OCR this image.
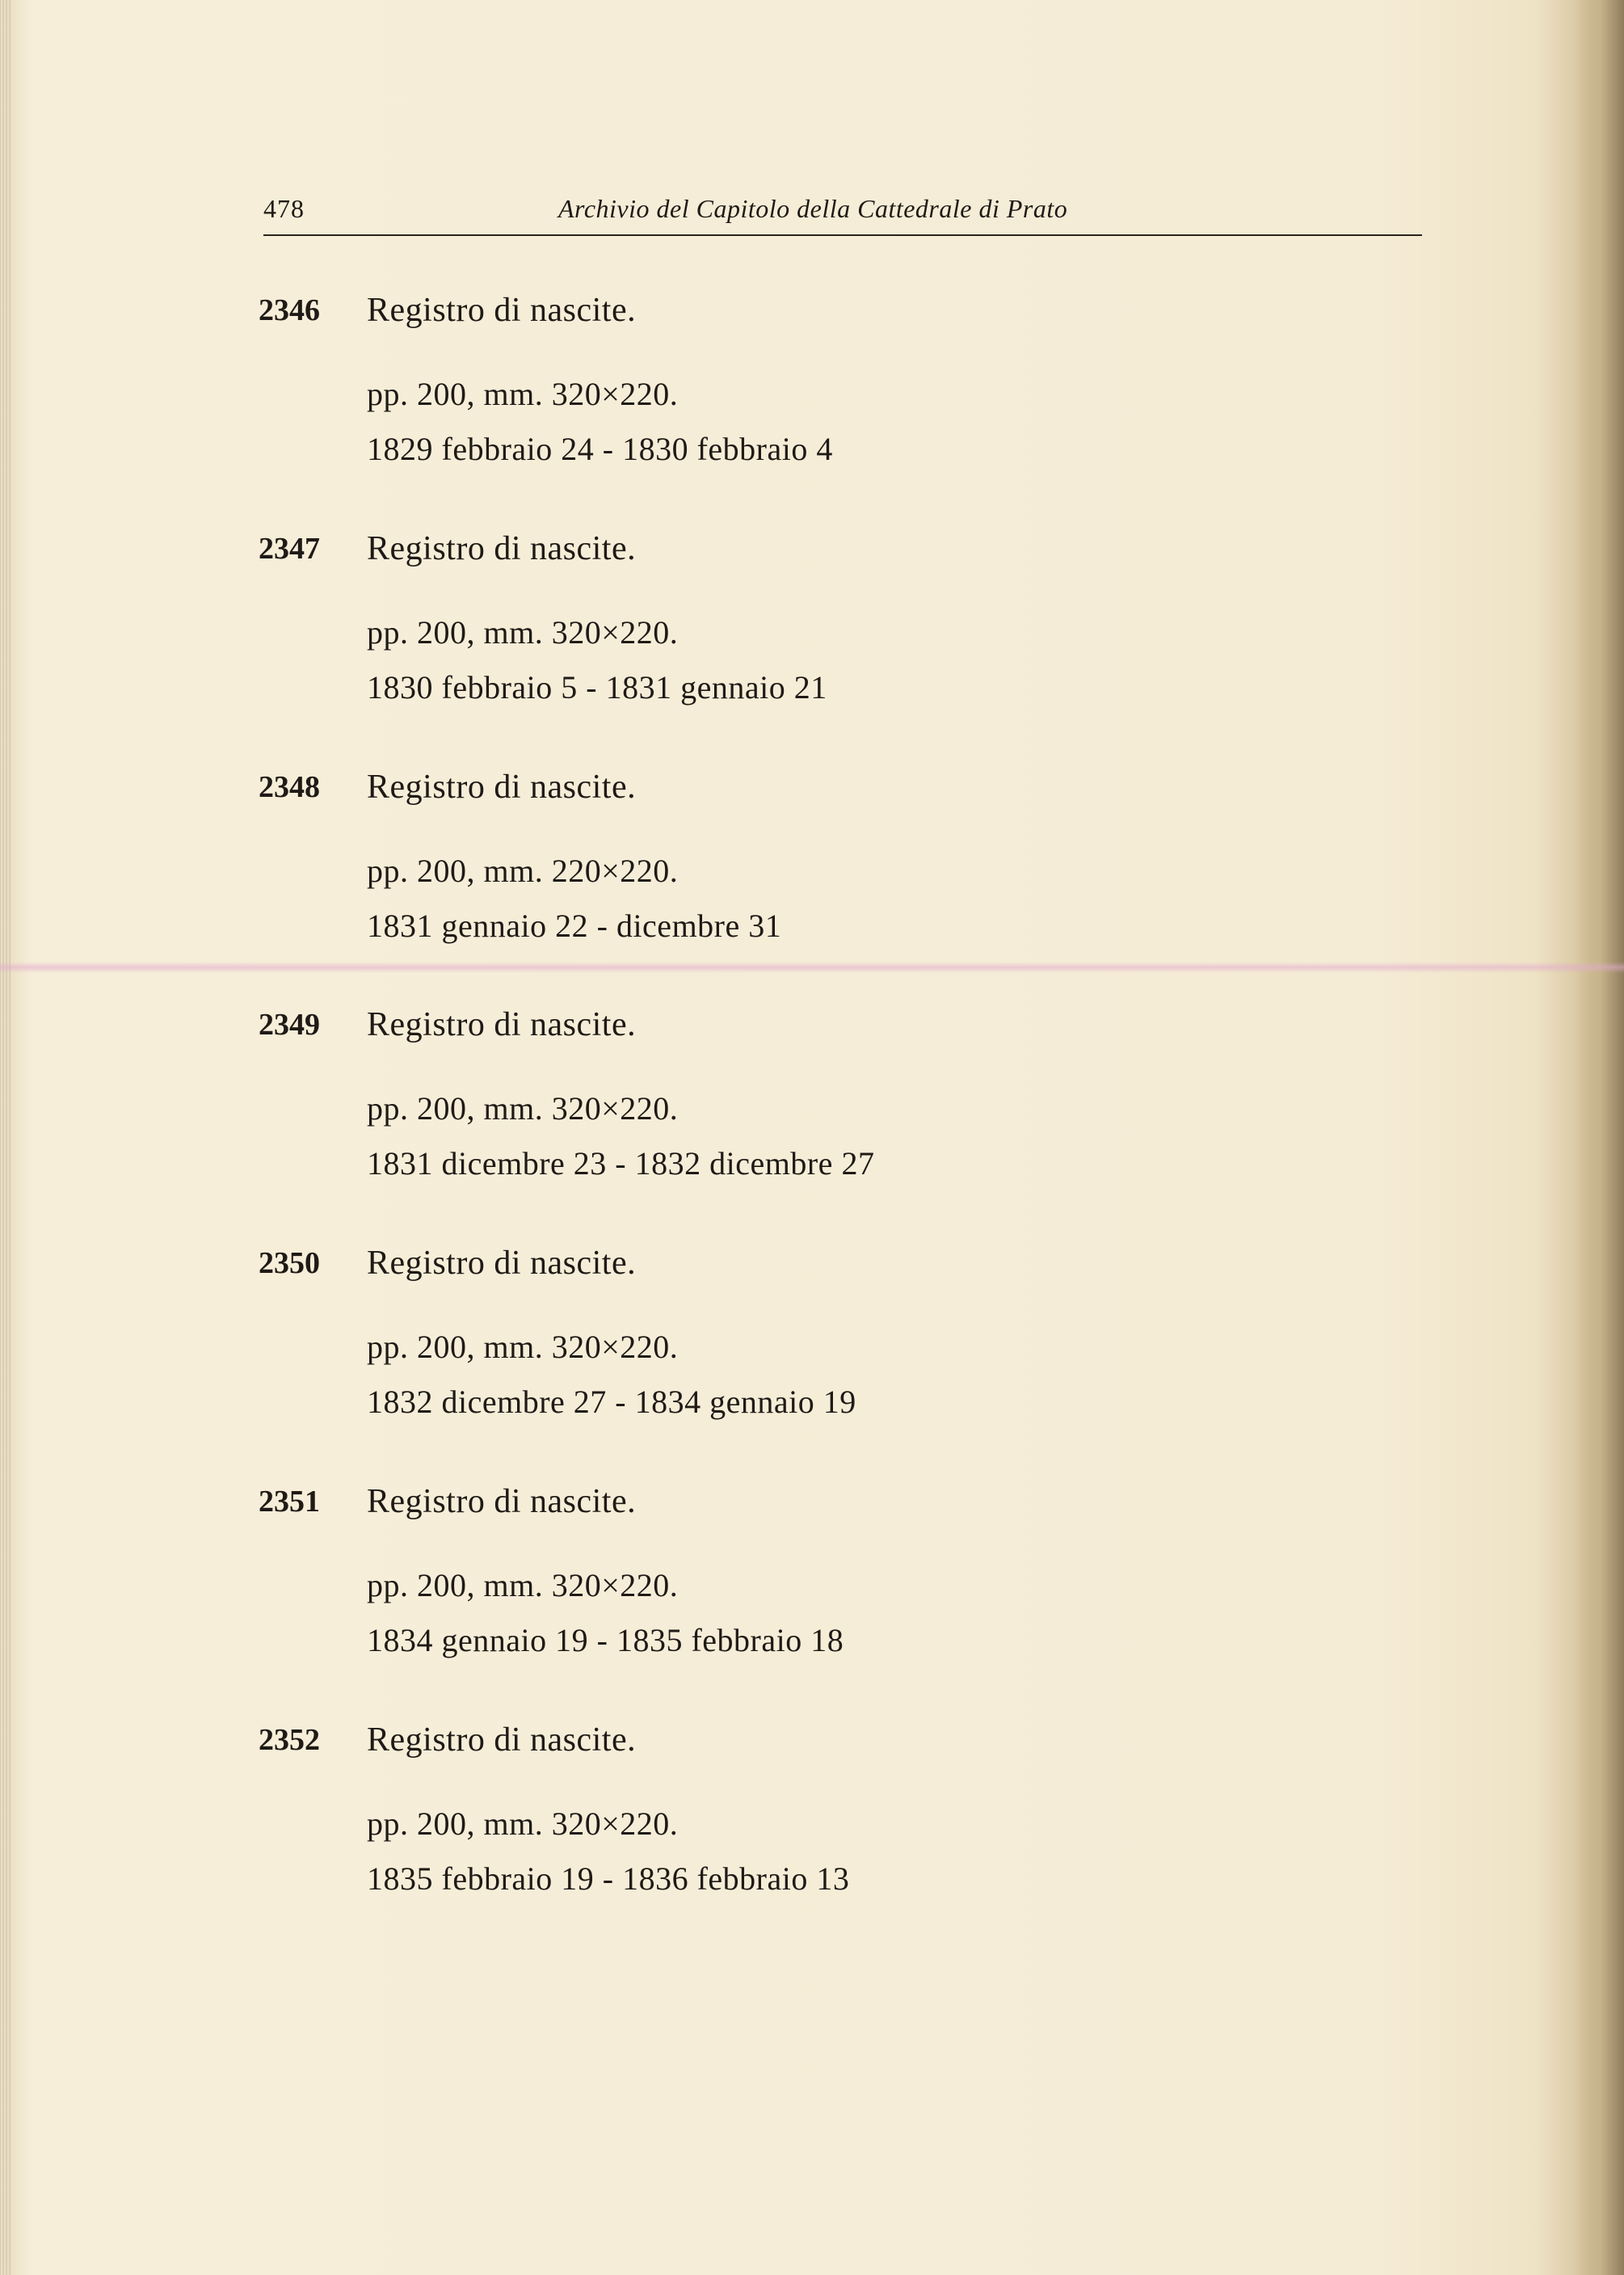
478	Archivio del Capitolo della Cattedrale di Prato
2346 Registro di nascite.
pp. 200, mm. 320×220.
1829 febbraio 24 - 1830 febbraio 4
2347 Registro di nascite.
pp. 200, mm. 320×220.
1830 febbraio 5 - 1831 gennaio 21
2348 Registro di nascite.
pp. 200, mm. 220×220.
1831 gennaio 22 - dicembre 31
2349 Registro di nascite.
pp. 200, mm. 320×220.
1831 dicembre 23 - 1832 dicembre 27
2350 Registro di nascite.
pp. 200, mm. 320×220.
1832 dicembre 27 - 1834 gennaio 19
2351 Registro di nascite.
pp. 200, mm. 320×220.
1834 gennaio 19 - 1835 febbraio 18
2352 Registro di nascite.
pp. 200, mm. 320×220.
1835 febbraio 19 - 1836 febbraio 13
